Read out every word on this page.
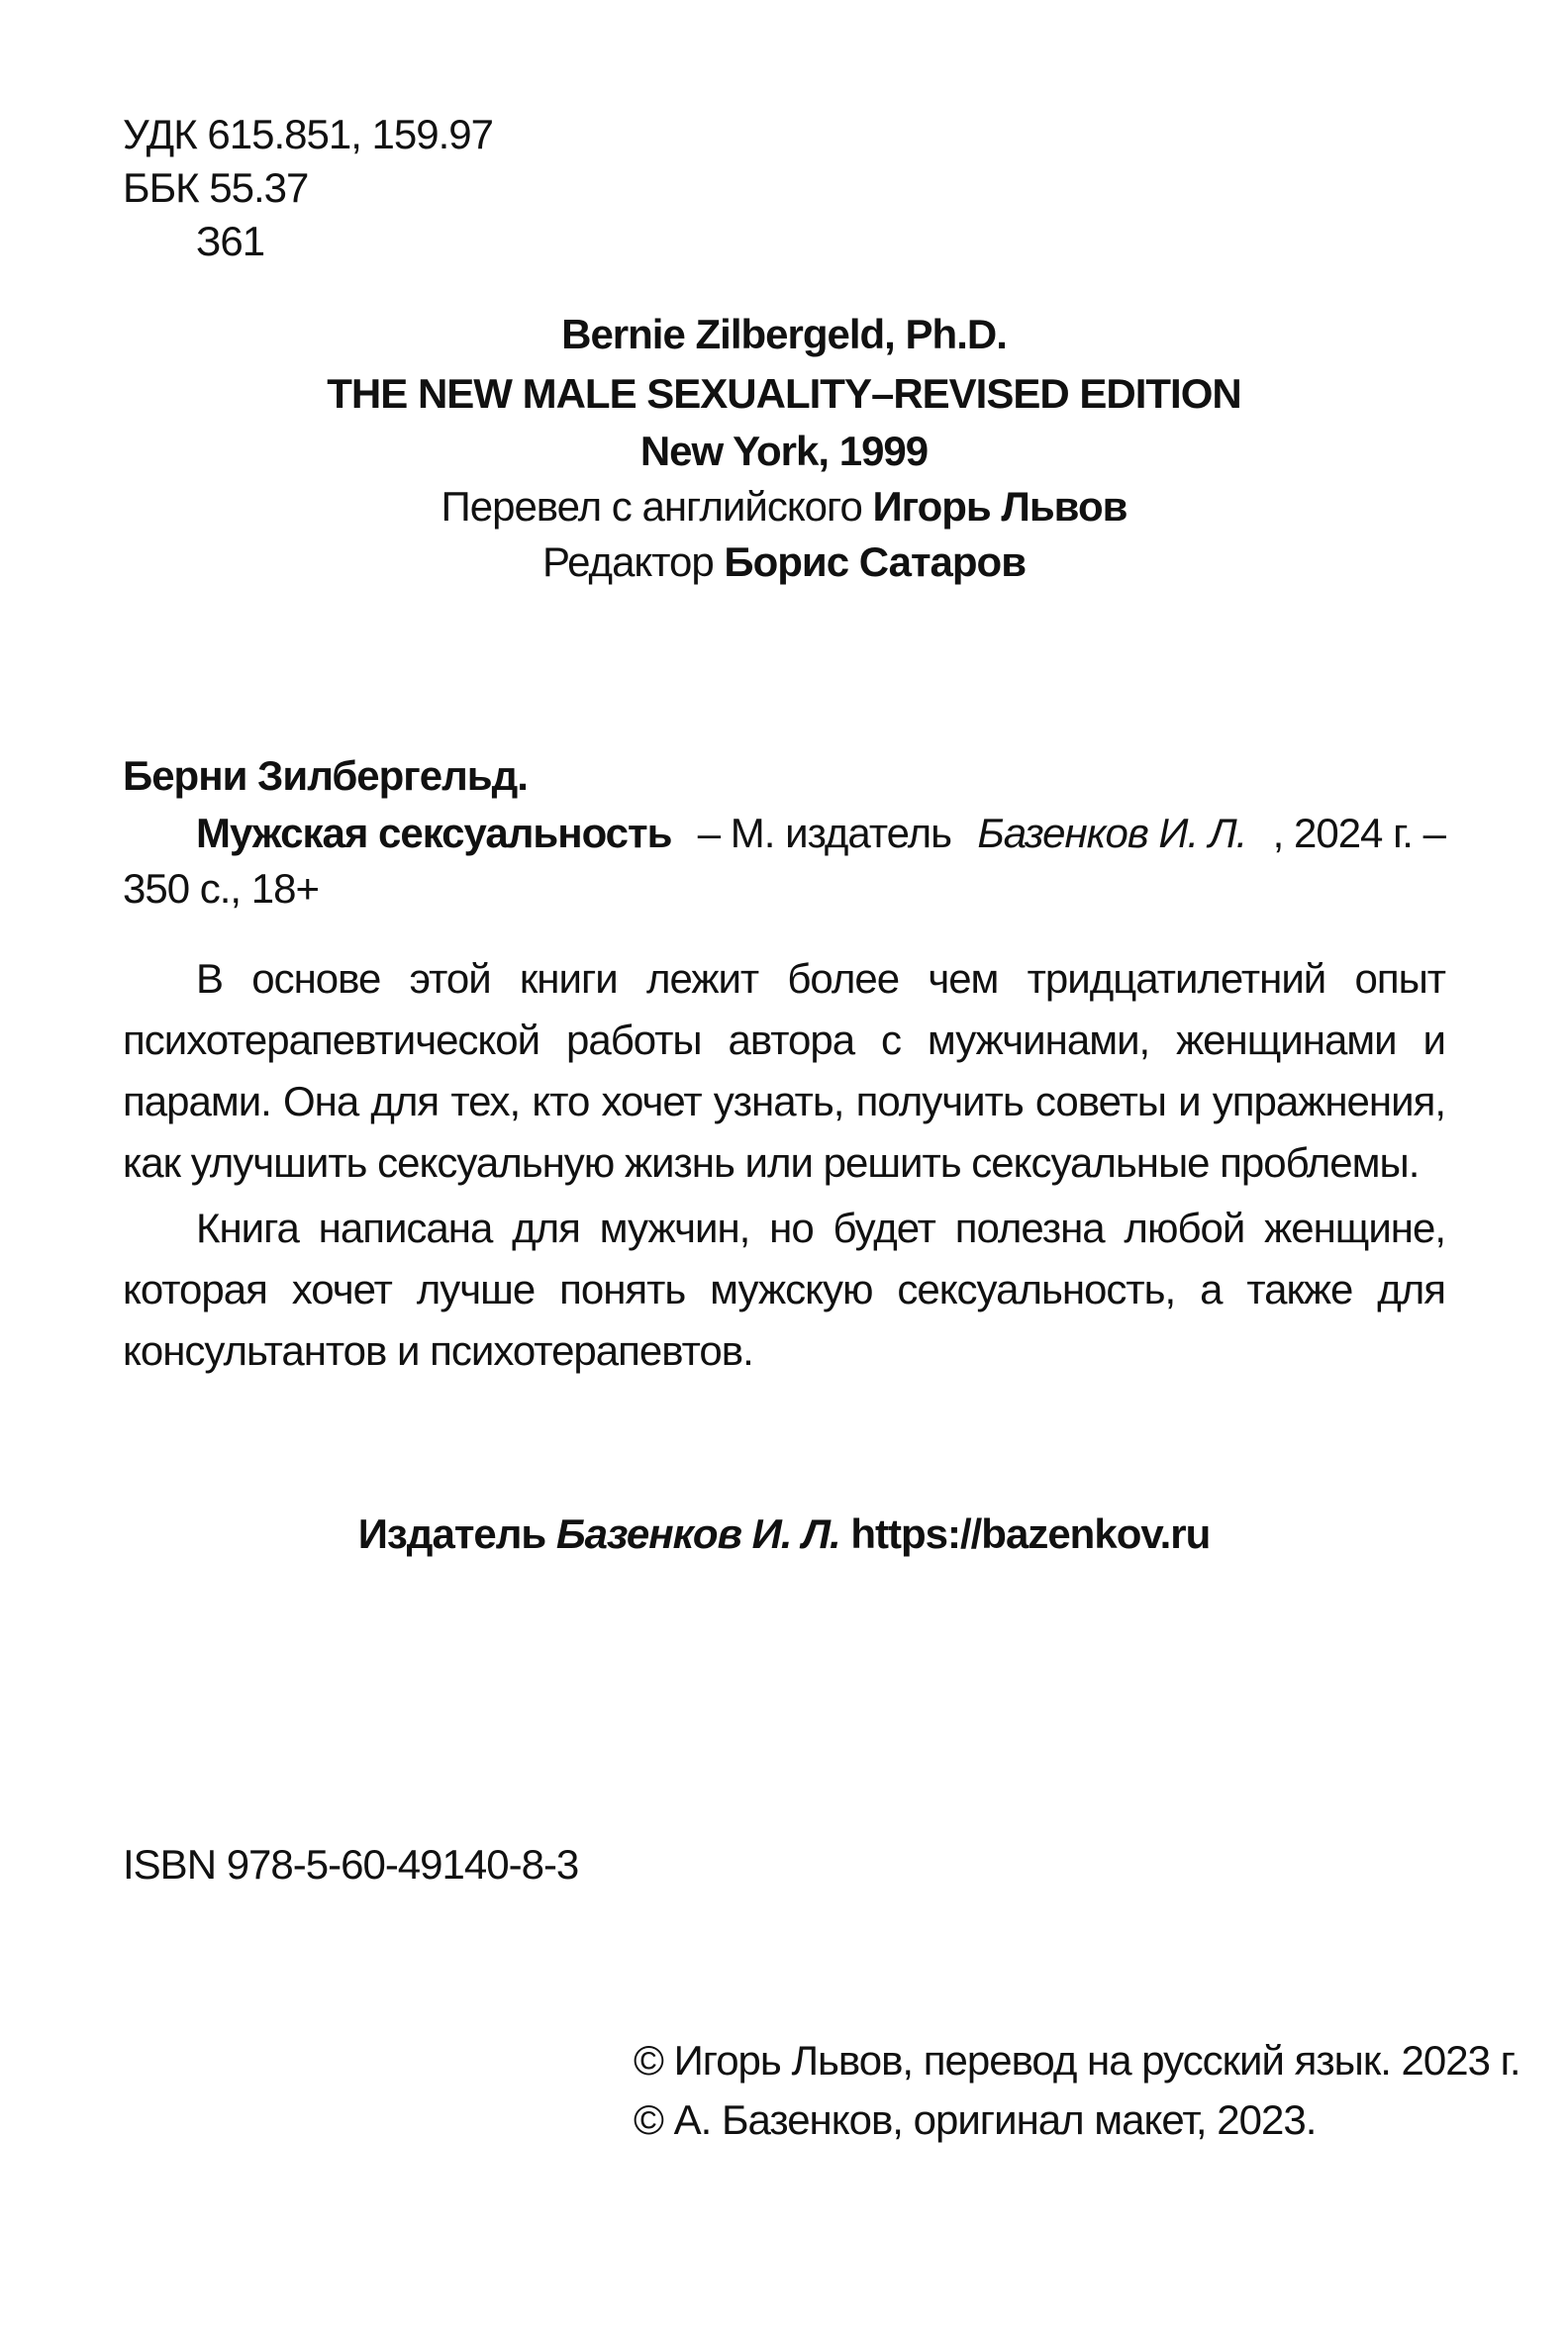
УДК 615.851, 159.97
ББК 55.37
З61
Bernie Zilbergeld, Ph.D.
THE NEW MALE SEXUALITY–REVISED EDITION
New York, 1999
Перевел с английского Игорь Львов
Редактор Борис Сатаров
Берни Зилбергельд.
Мужская сексуальность – М. издатель Базенков И. Л. , 2024 г. –
350 с., 18+

В основе этой книги лежит более чем тридцатилетний опыт психотерапевтической работы автора с мужчинами, женщинами и парами. Она для тех, кто хочет узнать, получить советы и упражнения, как улучшить сексуальную жизнь или решить сексуальные проблемы.

Книга написана для мужчин, но будет полезна любой женщине, которая хочет лучше понять мужскую сексуальность, а также для консультантов и психотерапевтов.

Издатель Базенков И. Л. https://bazenkov.ru
ISBN 978-5-60-49140-8-3
© Игорь Львов, перевод на русский язык. 2023 г.
© А. Базенков, оригинал макет, 2023.
